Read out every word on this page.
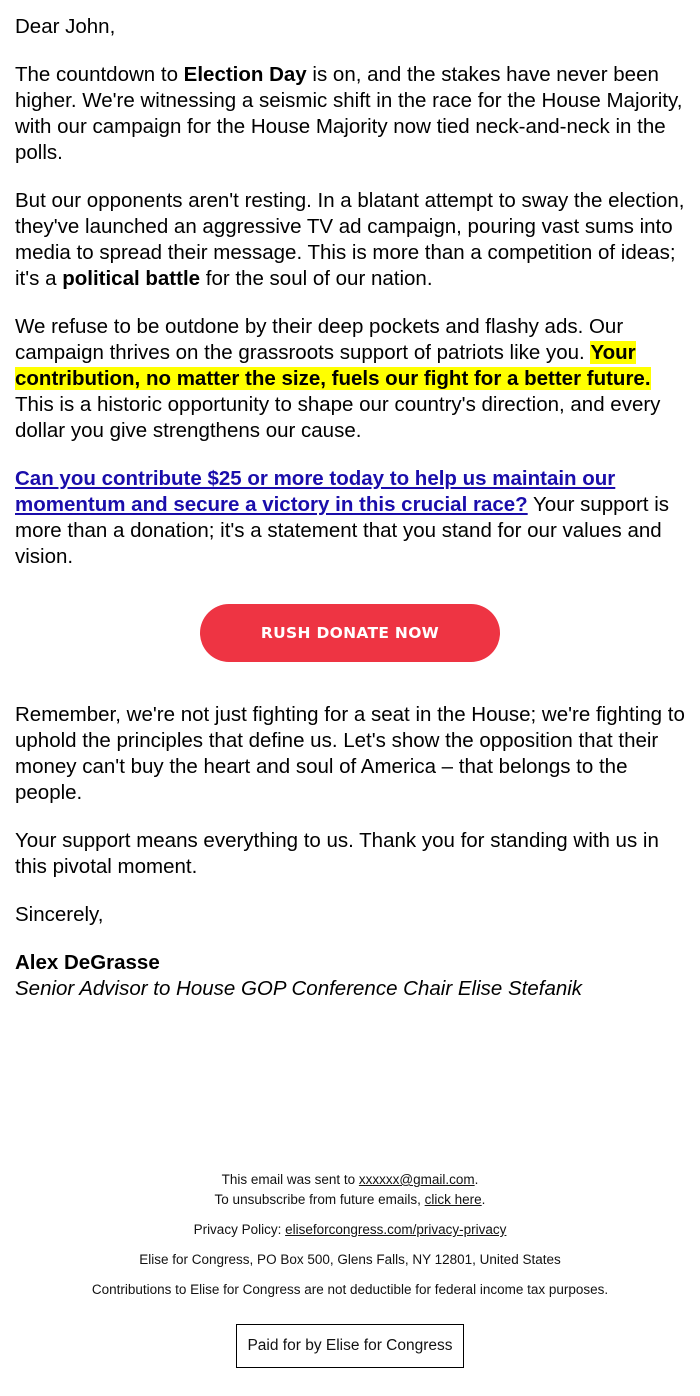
Dear John,

The countdown to Election Day is on, and the stakes have never been higher. We're witnessing a seismic shift in the race for the House Majority, with our campaign for the House Majority now tied neck-and-neck in the polls.

But our opponents aren't resting. In a blatant attempt to sway the election, they've launched an aggressive TV ad campaign, pouring vast sums into media to spread their message. This is more than a competition of ideas; it's a political battle for the soul of our nation.

We refuse to be outdone by their deep pockets and flashy ads. Our campaign thrives on the grassroots support of patriots like you. Your contribution, no matter the size, fuels our fight for a better future. This is a historic opportunity to shape our country's direction, and every dollar you give strengthens our cause.

Can you contribute $25 or more today to help us maintain our momentum and secure a victory in this crucial race? Your support is more than a donation; it's a statement that you stand for our values and vision.

RUSH DONATE NOW

Remember, we're not just fighting for a seat in the House; we're fighting to uphold the principles that define us. Let's show the opposition that their money can't buy the heart and soul of America – that belongs to the people.

Your support means everything to us. Thank you for standing with us in this pivotal moment.

Sincerely,

Alex DeGrasse
Senior Advisor to House GOP Conference Chair Elise Stefanik

This email was sent to xxxxxx@gmail.com.
To unsubscribe from future emails, click here.

Privacy Policy: eliseforcongress.com/privacy-privacy

Elise for Congress, PO Box 500, Glens Falls, NY 12801, United States

Contributions to Elise for Congress are not deductible for federal income tax purposes.

Paid for by Elise for Congress
